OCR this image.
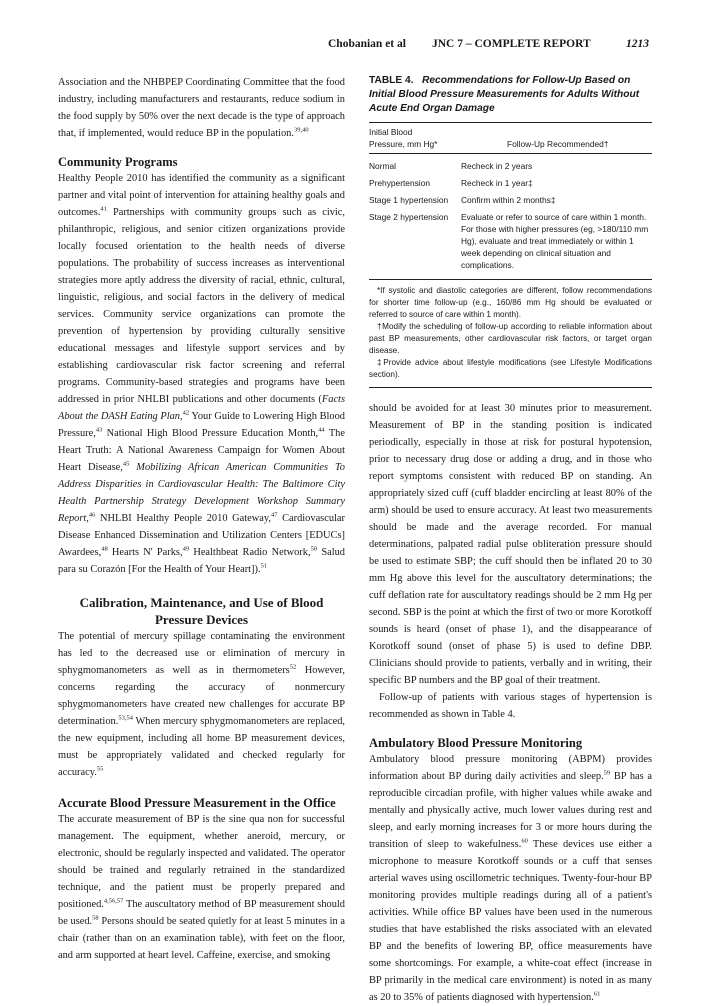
Chobanian et al JNC 7 – COMPLETE REPORT	1213

Association and the NHBPEP Coordinating Committee that the food industry, including manufacturers and restaurants, reduce sodium in the food supply by 50% over the next decade is the type of approach that, if implemented, would reduce BP in the population.$^{39,40}$

Community Programs

Healthy People 2010 has identified the community as a significant partner and vital point of intervention for attaining healthy goals and outcomes.$^{41}$ Partnerships with community groups such as civic, philanthropic, religious, and senior citizen organizations provide locally focused orientation to the health needs of diverse populations. The probability of success increases as interventional strategies more aptly address the diversity of racial, ethnic, cultural, linguistic, religious, and social factors in the delivery of medical services. Community service organizations can promote the prevention of hypertension by providing culturally sensitive educational messages and lifestyle support services and by establishing cardiovascular risk factor screening and referral programs. Community-based strategies and programs have been addressed in prior NHLBI publications and other documents (Facts About the DASH Eating Plan,$^{42}$ Your Guide to Lowering High Blood Pressure,$^{43}$ National High Blood Pressure Education Month,$^{44}$ The Heart Truth: A National Awareness Campaign for Women About Heart Disease,$^{45}$ Mobilizing African American Communities To Address Disparities in Cardiovascular Health: The Baltimore City Health Partnership Strategy Development Workshop Summary Report,$^{46}$ NHLBI Healthy People 2010 Gateway,$^{47}$ Cardiovascular Disease Enhanced Dissemination and Utilization Centers [EDUCs] Awardees,$^{48}$ Hearts N' Parks,$^{49}$ Healthbeat Radio Network,$^{50}$ Salud para su Corazón [For the Health of Your Heart]).$^{51}$

Calibration, Maintenance, and Use of Blood Pressure Devices

The potential of mercury spillage contaminating the environment has led to the decreased use or elimination of mercury in sphygmomanometers as well as in thermometers$^{52}$ However, concerns regarding the accuracy of nonmercury sphygmomanometers have created new challenges for accurate BP determination.$^{53,54}$ When mercury sphygmomanometers are replaced, the new equipment, including all home BP measurement devices, must be appropriately validated and checked regularly for accuracy.$^{55}$

Accurate Blood Pressure Measurement in the Office

The accurate measurement of BP is the sine qua non for successful management. The equipment, whether aneroid, mercury, or electronic, should be regularly inspected and validated. The operator should be trained and regularly retrained in the standardized technique, and the patient must be properly prepared and positioned.$^{4,56,57}$ The auscultatory method of BP measurement should be used.$^{58}$ Persons should be seated quietly for at least 5 minutes in a chair (rather than on an examination table), with feet on the floor, and arm supported at heart level. Caffeine, exercise, and smoking

TABLE 4. Recommendations for Follow-Up Based on Initial Blood Pressure Measurements for Adults Without Acute End Organ Damage

Initial Blood
Pressure, mm Hg*	Follow-Up Recommended†
Normal	Recheck in 2 years
Prehypertension	Recheck in 1 year‡
Stage 1 hypertension	Confirm within 2 months‡
Stage 2 hypertension	Evaluate or refer to source of care within 1 month. For those with higher pressures (eg, >180/110 mm Hg), evaluate and treat immediately or within 1 week depending on clinical situation and complications.

*If systolic and diastolic categories are different, follow recommendations for shorter time follow-up (e.g., 160/86 mm Hg should be evaluated or referred to source of care within 1 month).

†Modify the scheduling of follow-up according to reliable information about past BP measurements, other cardiovascular risk factors, or target organ disease.

‡Provide advice about lifestyle modifications (see Lifestyle Modifications section).

should be avoided for at least 30 minutes prior to measurement. Measurement of BP in the standing position is indicated periodically, especially in those at risk for postural hypotension, prior to necessary drug dose or adding a drug, and in those who report symptoms consistent with reduced BP on standing. An appropriately sized cuff (cuff bladder encircling at least 80% of the arm) should be used to ensure accuracy. At least two measurements should be made and the average recorded. For manual determinations, palpated radial pulse obliteration pressure should be used to estimate SBP; the cuff should then be inflated 20 to 30 mm Hg above this level for the auscultatory determinations; the cuff deflation rate for auscultatory readings should be 2 mm Hg per second. SBP is the point at which the first of two or more Korotkoff sounds is heard (onset of phase 1), and the disappearance of Korotkoff sound (onset of phase 5) is used to define DBP. Clinicians should provide to patients, verbally and in writing, their specific BP numbers and the BP goal of their treatment.

Follow-up of patients with various stages of hypertension is recommended as shown in Table 4.

Ambulatory Blood Pressure Monitoring

Ambulatory blood pressure monitoring (ABPM) provides information about BP during daily activities and sleep.$^{59}$ BP has a reproducible circadian profile, with higher values while awake and mentally and physically active, much lower values during rest and sleep, and early morning increases for 3 or more hours during the transition of sleep to wakefulness.$^{60}$ These devices use either a microphone to measure Korotkoff sounds or a cuff that senses arterial waves using oscillometric techniques. Twenty-four-hour BP monitoring provides multiple readings during all of a patient's activities. While office BP values have been used in the numerous studies that have established the risks associated with an elevated BP and the benefits of lowering BP, office measurements have some shortcomings. For example, a white-coat effect (increase in BP primarily in the medical care environment) is noted in as many as 20 to 35% of patients diagnosed with hypertension.$^{61}$
